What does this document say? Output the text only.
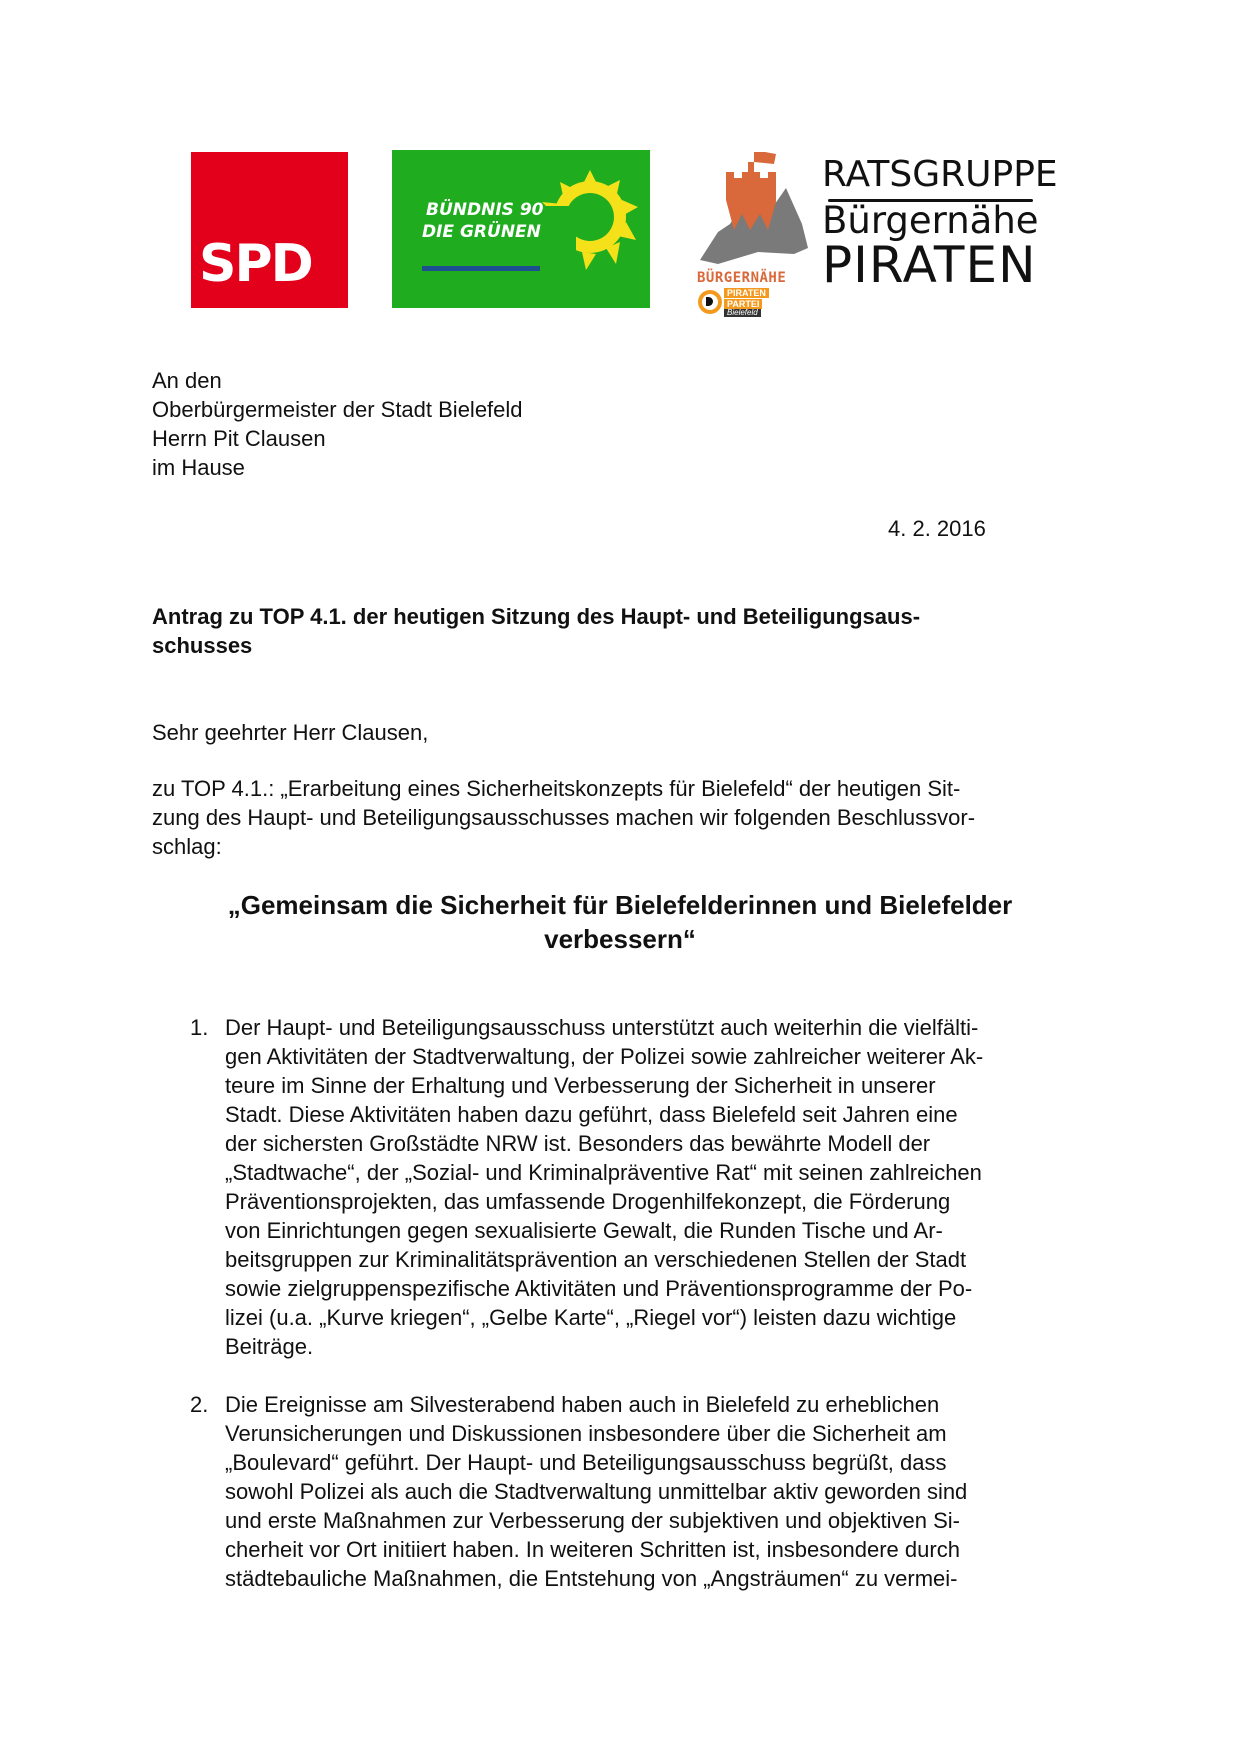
SPD
BÜNDNIS 90
DIE GRÜNEN
BÜRGERNÄHE
PIRATEN
PARTEI
Bielefeld
RATSGRUPPE
Bürgernähe
PIRATEN
An den
Oberbürgermeister der Stadt Bielefeld
Herrn Pit Clausen
im Hause
4. 2. 2016
Antrag zu TOP 4.1. der heutigen Sitzung des Haupt- und Beteiligungsaus-
schusses
Sehr geehrter Herr Clausen,
zu TOP 4.1.: „Erarbeitung eines Sicherheitskonzepts für Bielefeld“ der heutigen Sit-
zung des Haupt- und Beteiligungsausschusses machen wir folgenden Beschlussvor-
schlag:
„Gemeinsam die Sicherheit für Bielefelderinnen und Bielefelder
verbessern“
1. Der Haupt- und Beteiligungsausschuss unterstützt auch weiterhin die vielfälti-
gen Aktivitäten der Stadtverwaltung, der Polizei sowie zahlreicher weiterer Ak-
teure im Sinne der Erhaltung und Verbesserung der Sicherheit in unserer
Stadt. Diese Aktivitäten haben dazu geführt, dass Bielefeld seit Jahren eine
der sichersten Großstädte NRW ist. Besonders das bewährte Modell der
„Stadtwache“, der „Sozial- und Kriminalpräventive Rat“ mit seinen zahlreichen
Präventionsprojekten, das umfassende Drogenhilfekonzept, die Förderung
von Einrichtungen gegen sexualisierte Gewalt, die Runden Tische und Ar-
beitsgruppen zur Kriminalitätsprävention an verschiedenen Stellen der Stadt
sowie zielgruppenspezifische Aktivitäten und Präventionsprogramme der Po-
lizei (u.a. „Kurve kriegen“, „Gelbe Karte“, „Riegel vor“) leisten dazu wichtige
Beiträge.
2. Die Ereignisse am Silvesterabend haben auch in Bielefeld zu erheblichen
Verunsicherungen und Diskussionen insbesondere über die Sicherheit am
„Boulevard“ geführt. Der Haupt- und Beteiligungsausschuss begrüßt, dass
sowohl Polizei als auch die Stadtverwaltung unmittelbar aktiv geworden sind
und erste Maßnahmen zur Verbesserung der subjektiven und objektiven Si-
cherheit vor Ort initiiert haben. In weiteren Schritten ist, insbesondere durch
städtebauliche Maßnahmen, die Entstehung von „Angsträumen“ zu vermei-
